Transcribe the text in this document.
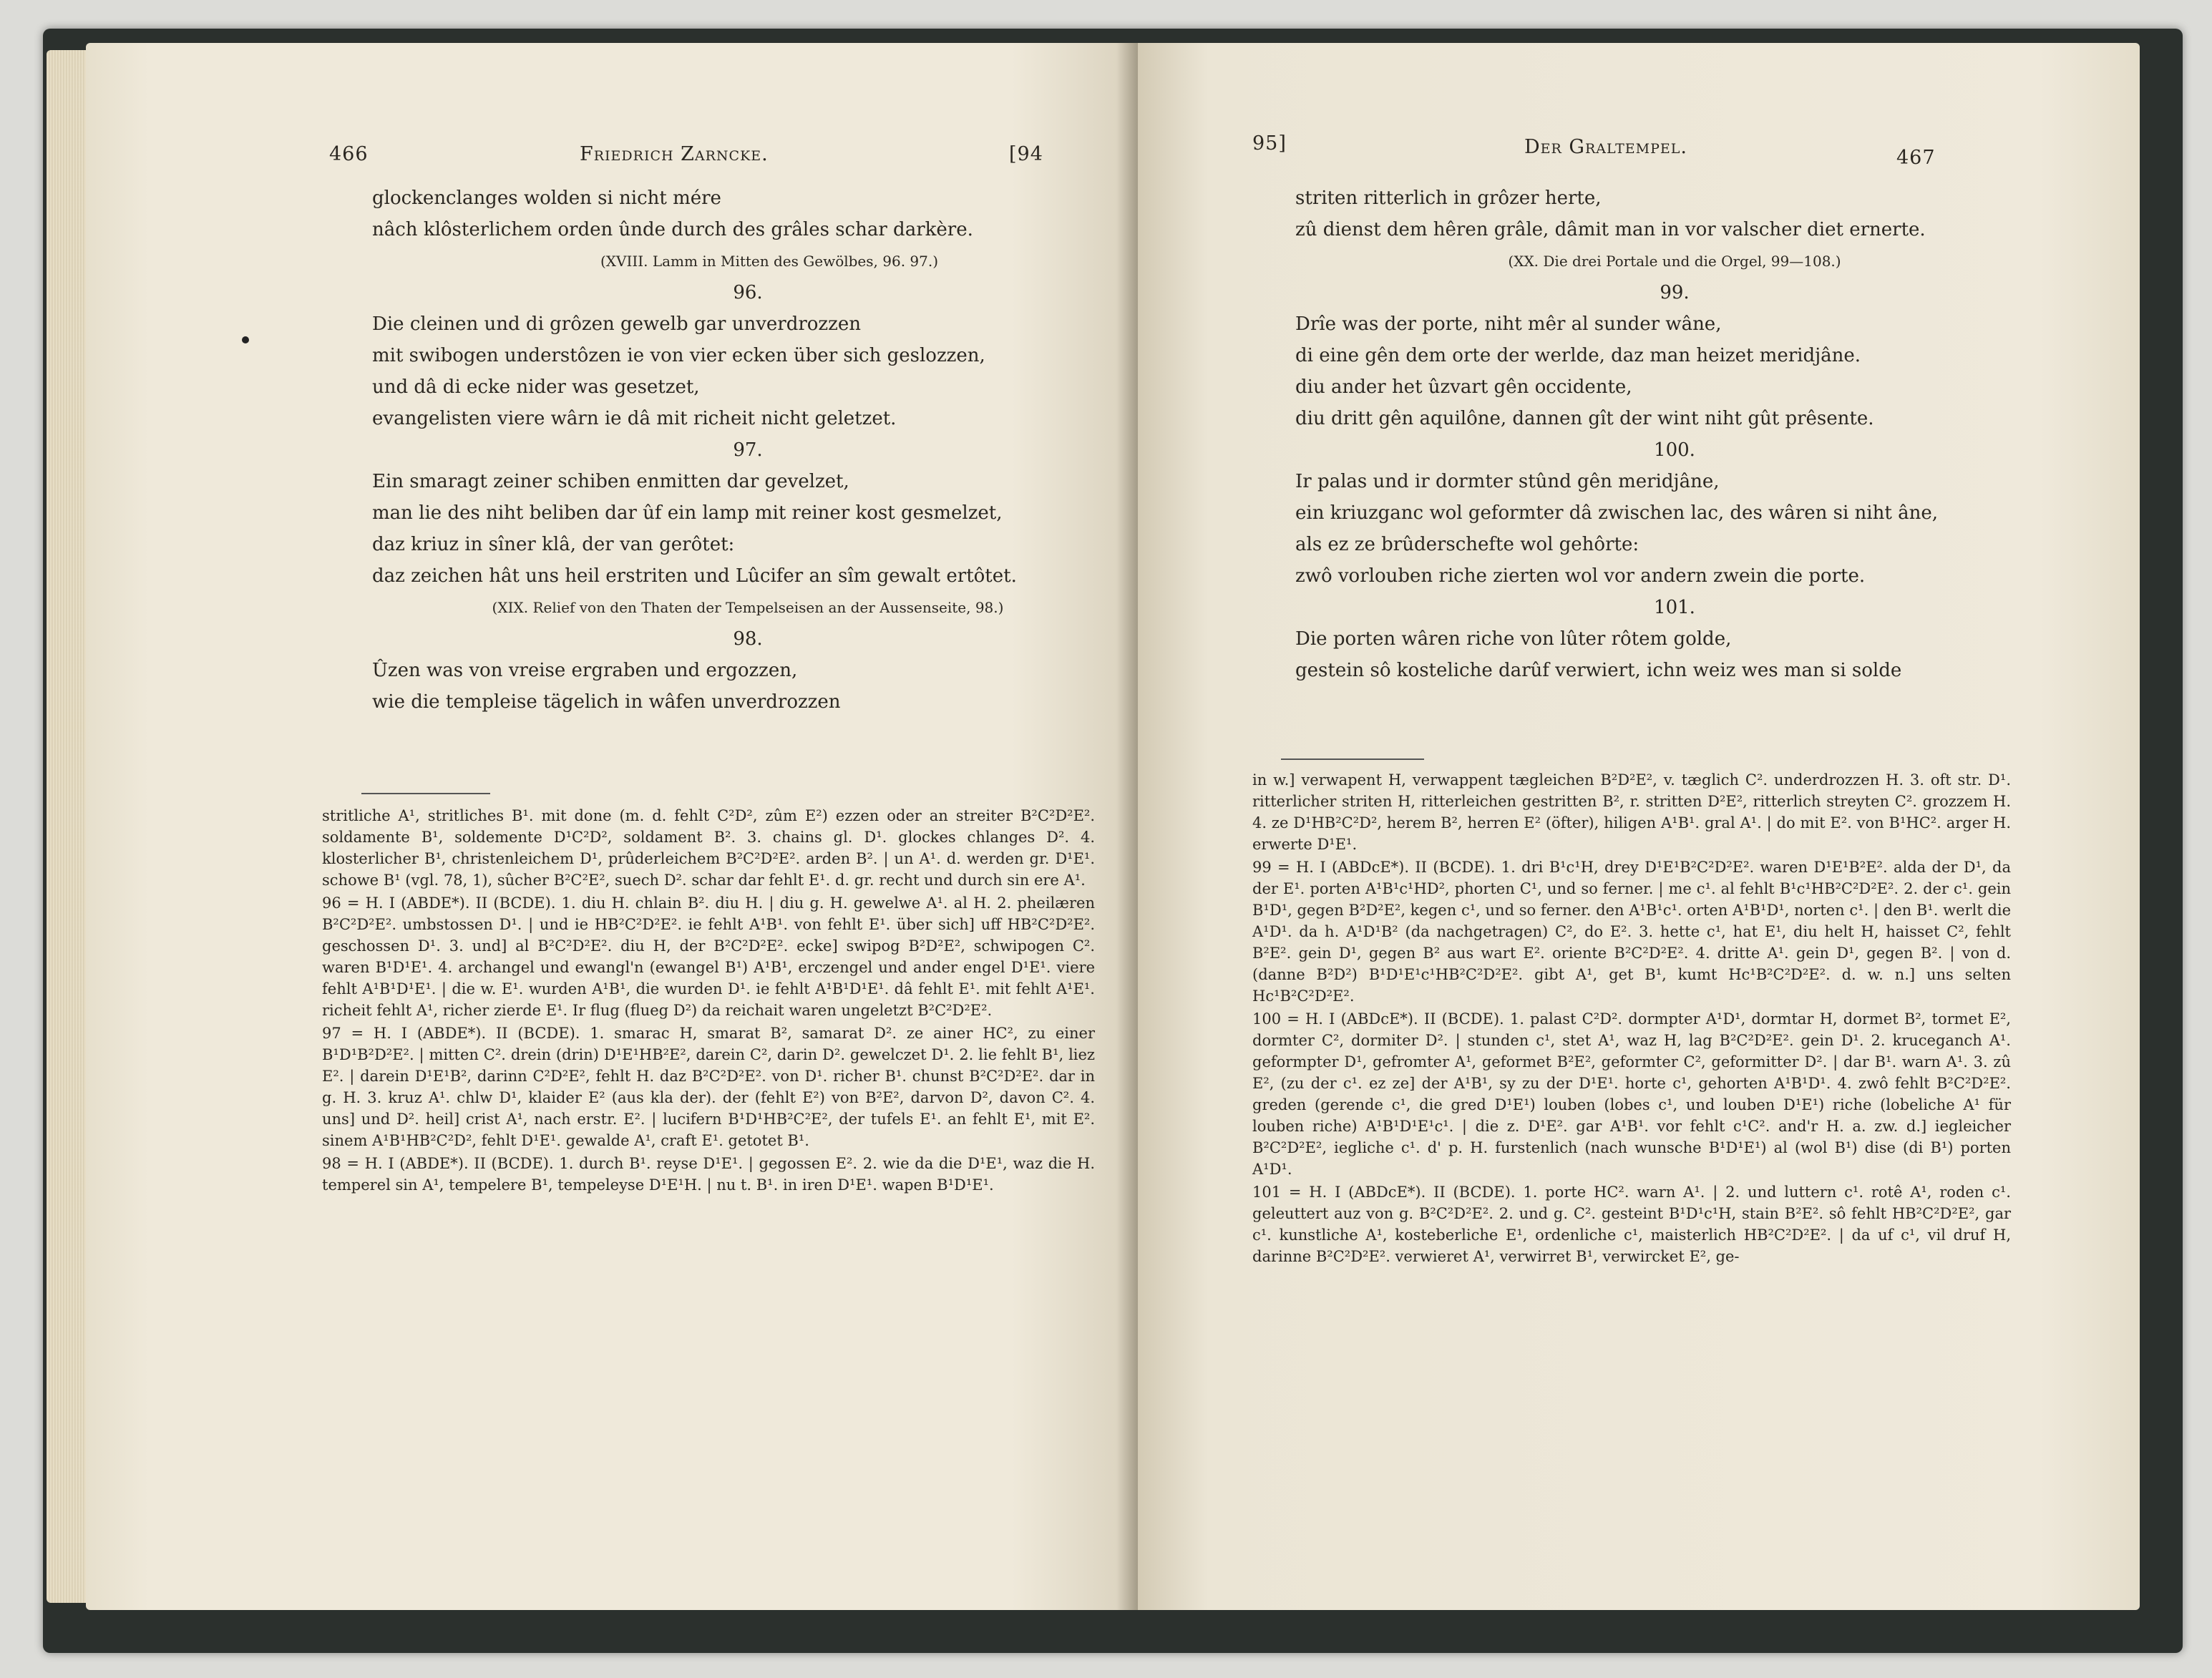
466	Friedrich Zarncke.	[94
glockenclanges wolden si nicht mére
nâch klôsterlichem orden ûnde durch des grâles schar darkère.
(XVIII. Lamm in Mitten des Gewölbes, 96. 97.)
96.
Die cleinen und di grôzen gewelb gar unverdrozzen
mit swibogen understôzen ie von vier ecken über sich geslozzen,
und dâ di ecke nider was gesetzet,
evangelisten viere wârn ie dâ mit richeit nicht geletzet.
97.
Ein smaragt zeiner schiben enmitten dar gevelzet,
man lie des niht beliben dar ûf ein lamp mit reiner kost gesmelzet,
daz kriuz in sîner klâ, der van gerôtet:
daz zeichen hât uns heil erstriten und Lûcifer an sîm gewalt ertôtet.
(XIX. Relief von den Thaten der Tempelseisen an der Aussenseite, 98.)
98.
Ûzen was von vreise ergraben und ergozzen,
wie die templeise tägelich in wâfen unverdrozzen

stritliche A¹, stritliches B¹. mit done (m. d. fehlt C²D², zûm E²) ezzen oder an streiter B²C²D²E². soldamente B¹, soldemente D¹C²D², soldament B². 3. chains gl. D¹. glockes chlanges D². 4. klosterlicher B¹, christenleichem D¹, prûderleichem B²C²D²E². arden B². | un A¹. d. werden gr. D¹E¹. schowe B¹ (vgl. 78, 1), sûcher B²C²E², suech D². schar dar fehlt E¹. d. gr. recht und durch sin ere A¹.

96 = H. I (ABDE*). II (BCDE). 1. diu H. chlain B². diu H. | diu g. H. gewelwe A¹. al H. 2. pheilæren B²C²D²E². umbstossen D¹. | und ie HB²C²D²E². ie fehlt A¹B¹. von fehlt E¹. über sich] uff HB²C²D²E². geschossen D¹. 3. und] al B²C²D²E². diu H, der B²C²D²E². ecke] swipog B²D²E², schwipogen C². waren B¹D¹E¹. 4. archangel und ewangl'n (ewangel B¹) A¹B¹, erczengel und ander engel D¹E¹. viere fehlt A¹B¹D¹E¹. | die w. E¹. wurden A¹B¹, die wurden D¹. ie fehlt A¹B¹D¹E¹. dâ fehlt E¹. mit fehlt A¹E¹. richeit fehlt A¹, richer zierde E¹. Ir flug (flueg D²) da reichait waren ungeletzt B²C²D²E².

97 = H. I (ABDE*). II (BCDE). 1. smarac H, smarat B², samarat D². ze ainer HC², zu einer B¹D¹B²D²E². | mitten C². drein (drin) D¹E¹HB²E², darein C², darin D². gewelczet D¹. 2. lie fehlt B¹, liez E². | darein D¹E¹B², darinn C²D²E², fehlt H. daz B²C²D²E². von D¹. richer B¹. chunst B²C²D²E². dar in g. H. 3. kruz A¹. chlw D¹, klaider E² (aus kla der). der (fehlt E²) von B²E², darvon D², davon C². 4. uns] und D². heil] crist A¹, nach erstr. E². | lucifern B¹D¹HB²C²E², der tufels E¹. an fehlt E¹, mit E². sinem A¹B¹HB²C²D², fehlt D¹E¹. gewalde A¹, craft E¹. getotet B¹.

98 = H. I (ABDE*). II (BCDE). 1. durch B¹. reyse D¹E¹. | gegossen E². 2. wie da die D¹E¹, waz die H. temperel sin A¹, tempelere B¹, tempeleyse D¹E¹H. | nu t. B¹. in iren D¹E¹. wapen B¹D¹E¹.

95]	Der Graltempel.	467
striten ritterlich in grôzer herte,
zû dienst dem hêren grâle, dâmit man in vor valscher diet ernerte.
(XX. Die drei Portale und die Orgel, 99—108.)
99.
Drîe was der porte, niht mêr al sunder wâne,
di eine gên dem orte der werlde, daz man heizet meridjâne.
diu ander het ûzvart gên occidente,
diu dritt gên aquilône, dannen gît der wint niht gût prêsente.
100.
Ir palas und ir dormter stûnd gên meridjâne,
ein kriuzganc wol geformter dâ zwischen lac, des wâren si niht âne,
als ez ze brûderschefte wol gehôrte:
zwô vorlouben riche zierten wol vor andern zwein die porte.
101.
Die porten wâren riche von lûter rôtem golde,
gestein sô kosteliche darûf verwiert, ichn weiz wes man si solde

in w.] verwapent H, verwappent tægleichen B²D²E², v. tæglich C². underdrozzen H. 3. oft str. D¹. ritterlicher striten H, ritterleichen gestritten B², r. stritten D²E², ritterlich streyten C². grozzem H. 4. ze D¹HB²C²D², herem B², herren E² (öfter), hiligen A¹B¹. gral A¹. | do mit E². von B¹HC². arger H. erwerte D¹E¹.

99 = H. I (ABDcE*). II (BCDE). 1. dri B¹c¹H, drey D¹E¹B²C²D²E². waren D¹E¹B²E². alda der D¹, da der E¹. porten A¹B¹c¹HD², phorten C¹, und so ferner. | me c¹. al fehlt B¹c¹HB²C²D²E². 2. der c¹. gein B¹D¹, gegen B²D²E², kegen c¹, und so ferner. den A¹B¹c¹. orten A¹B¹D¹, norten c¹. | den B¹. werlt die A¹D¹. da h. A¹D¹B² (da nachgetragen) C², do E². 3. hette c¹, hat E¹, diu helt H, haisset C², fehlt B²E². gein D¹, gegen B² aus wart E². oriente B²C²D²E². 4. dritte A¹. gein D¹, gegen B². | von d. (danne B²D²) B¹D¹E¹c¹HB²C²D²E². gibt A¹, get B¹, kumt Hc¹B²C²D²E². d. w. n.] uns selten Hc¹B²C²D²E².

100 = H. I (ABDcE*). II (BCDE). 1. palast C²D². dormpter A¹D¹, dormtar H, dormet B², tormet E², dormter C², dormiter D². | stunden c¹, stet A¹, waz H, lag B²C²D²E². gein D¹. 2. kruceganch A¹. geformpter D¹, gefromter A¹, geformet B²E², geformter C², geformitter D². | dar B¹. warn A¹. 3. zû E², (zu der c¹. ez ze] der A¹B¹, sy zu der D¹E¹. horte c¹, gehorten A¹B¹D¹. 4. zwô fehlt B²C²D²E². greden (gerende c¹, die gred D¹E¹) louben (lobes c¹, und louben D¹E¹) riche (lobeliche A¹ für louben riche) A¹B¹D¹E¹c¹. | die z. D¹E². gar A¹B¹. vor fehlt c¹C². and'r H. a. zw. d.] iegleicher B²C²D²E², iegliche c¹. d' p. H. furstenlich (nach wunsche B¹D¹E¹) al (wol B¹) dise (di B¹) porten A¹D¹.

101 = H. I (ABDcE*). II (BCDE). 1. porte HC². warn A¹. | 2. und luttern c¹. rotê A¹, roden c¹. geleuttert auz von g. B²C²D²E². 2. und g. C². gesteint B¹D¹c¹H, stain B²E². sô fehlt HB²C²D²E², gar c¹. kunstliche A¹, kosteberliche E¹, ordenliche c¹, maisterlich HB²C²D²E². | da uf c¹, vil druf H, darinne B²C²D²E². verwieret A¹, verwirret B¹, verwircket E², ge-
